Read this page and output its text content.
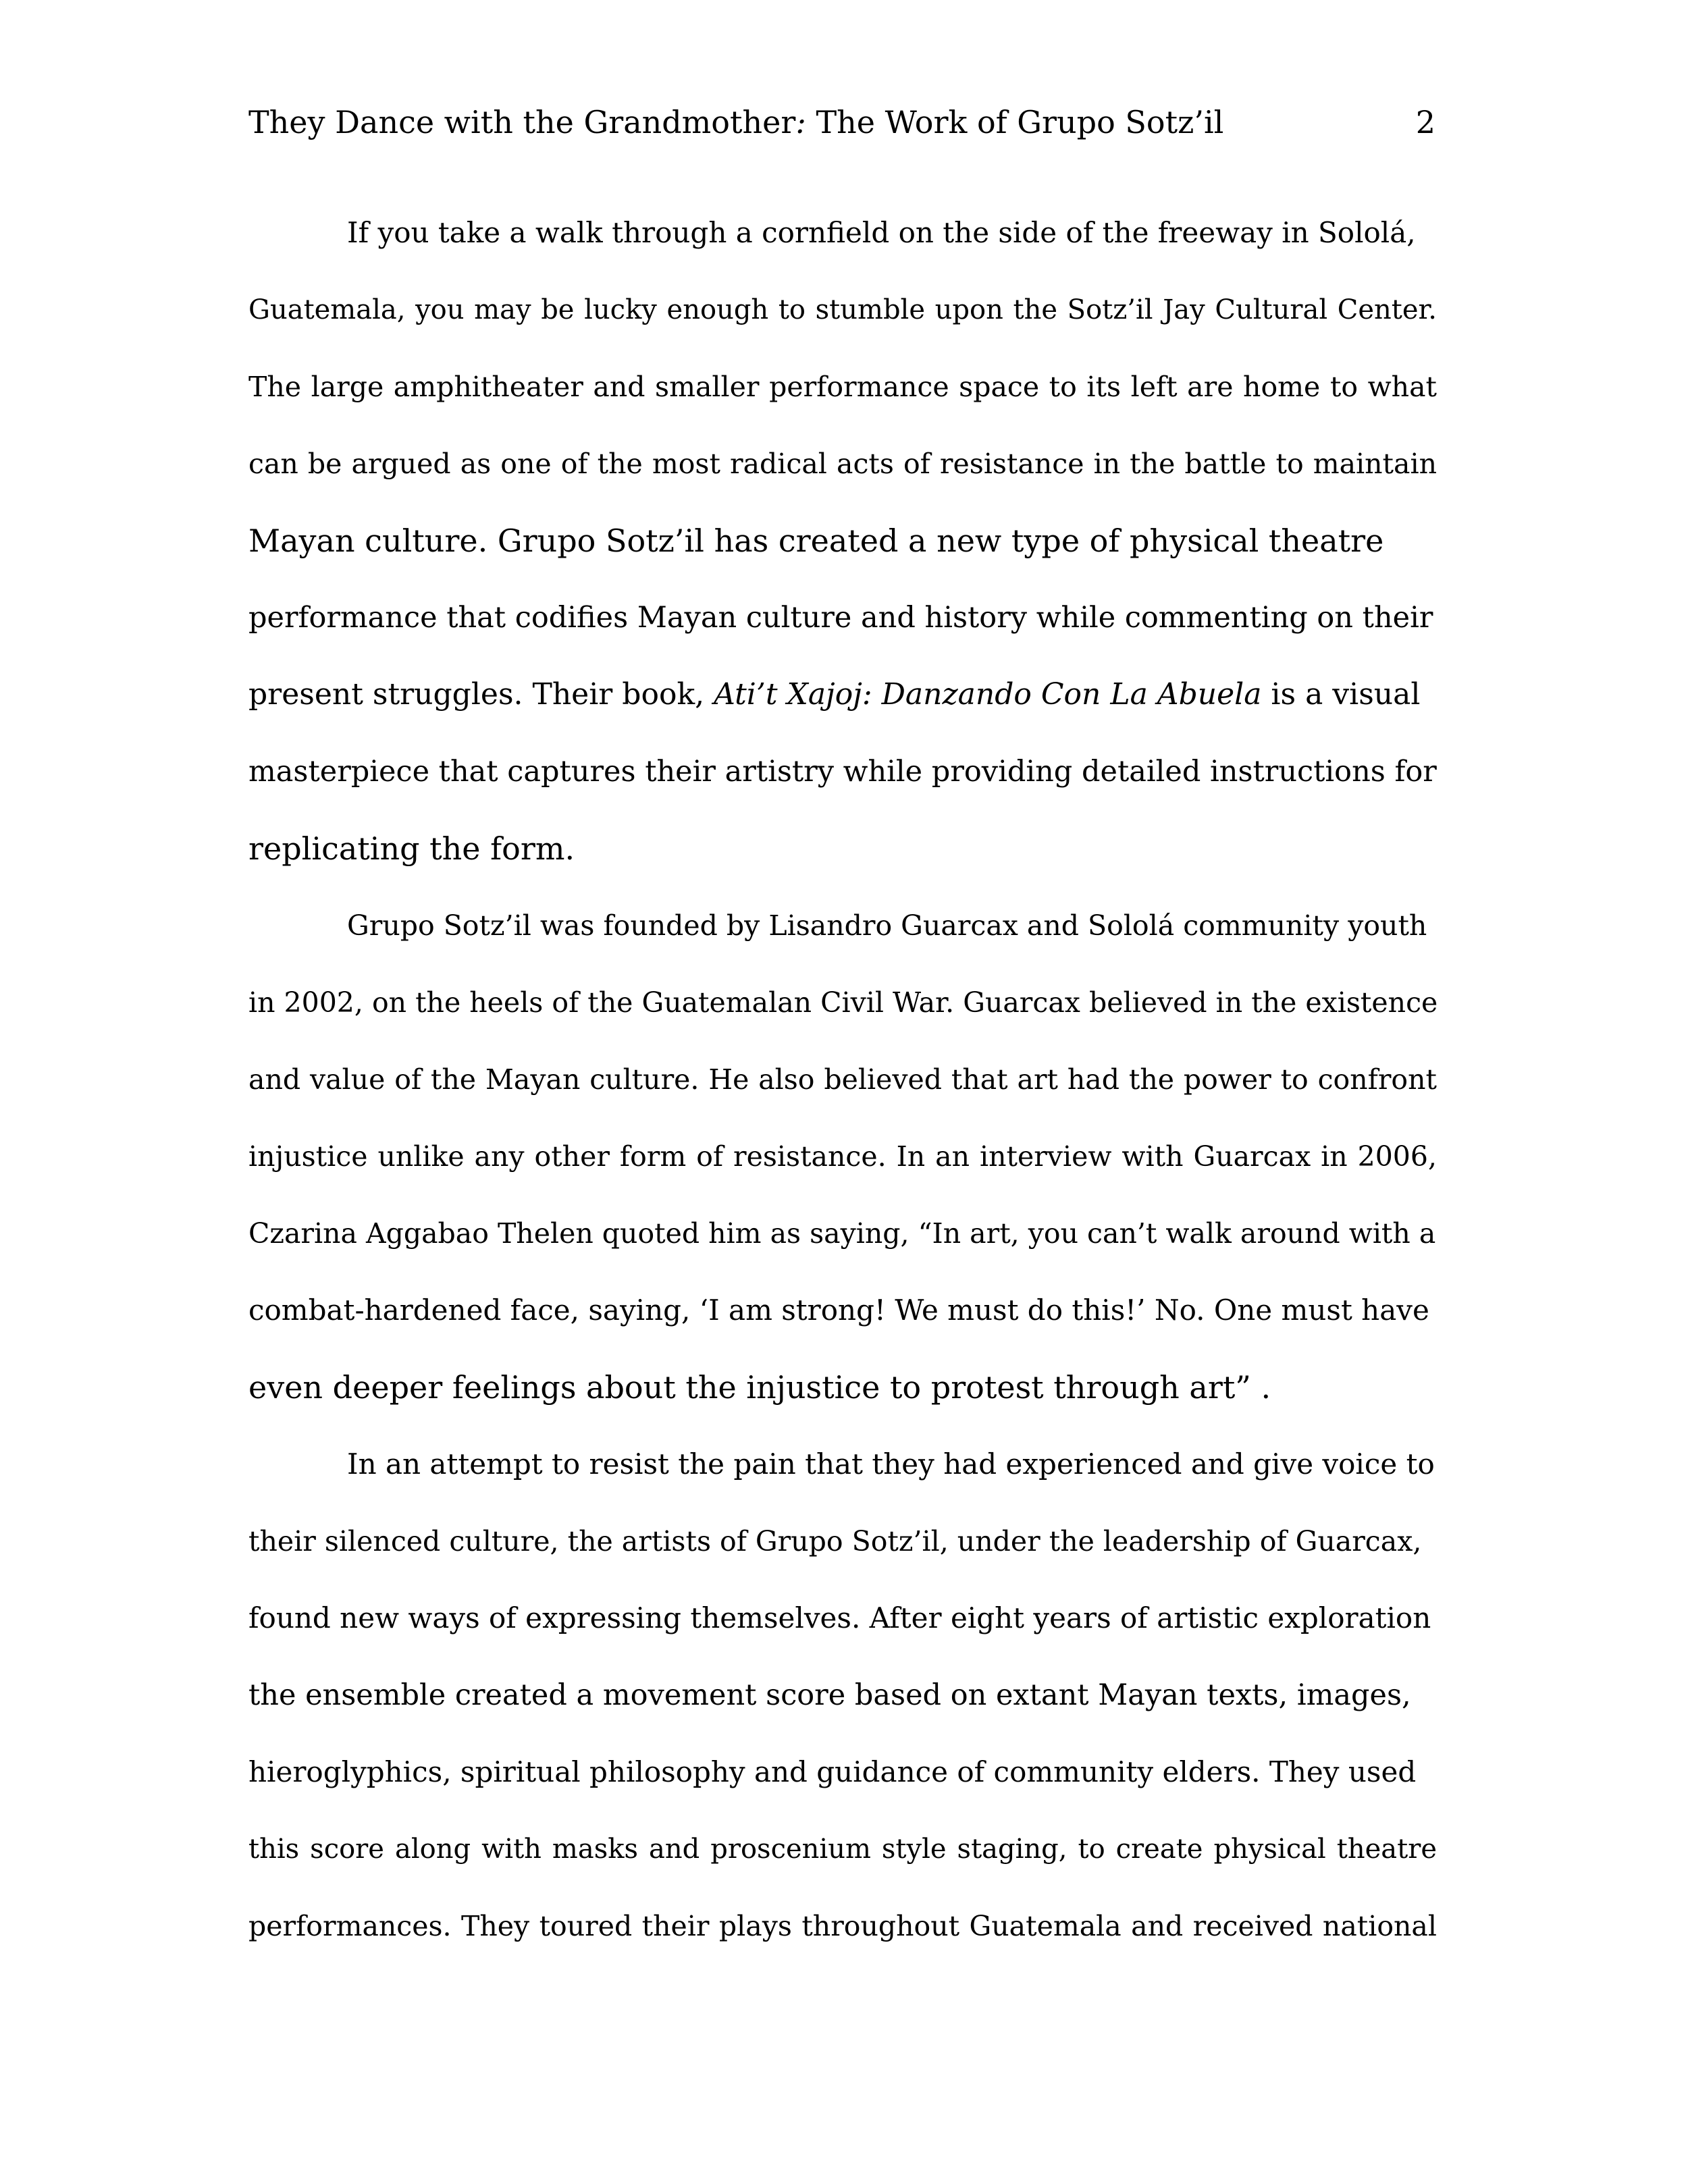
They Dance with the Grandmother: The Work of Grupo Sotz’il	2
If you take a walk through a cornfield on the side of the freeway in Sololá,
Guatemala, you may be lucky enough to stumble upon the Sotz’il Jay Cultural Center.
The large amphitheater and smaller performance space to its left are home to what
can be argued as one of the most radical acts of resistance in the battle to maintain
Mayan culture. Grupo Sotz’il has created a new type of physical theatre
performance that codifies Mayan culture and history while commenting on their
present struggles. Their book, Ati’t Xajoj: Danzando Con La Abuela is a visual
masterpiece that captures their artistry while providing detailed instructions for
replicating the form.
Grupo Sotz’il was founded by Lisandro Guarcax and Sololá community youth
in 2002, on the heels of the Guatemalan Civil War. Guarcax believed in the existence
and value of the Mayan culture. He also believed that art had the power to confront
injustice unlike any other form of resistance. In an interview with Guarcax in 2006,
Czarina Aggabao Thelen quoted him as saying, “In art, you can’t walk around with a
combat-hardened face, saying, ‘I am strong! We must do this!’ No. One must have
even deeper feelings about the injustice to protest through art” .
In an attempt to resist the pain that they had experienced and give voice to
their silenced culture, the artists of Grupo Sotz’il, under the leadership of Guarcax,
found new ways of expressing themselves. After eight years of artistic exploration
the ensemble created a movement score based on extant Mayan texts, images,
hieroglyphics, spiritual philosophy and guidance of community elders. They used
this score along with masks and proscenium style staging, to create physical theatre
performances. They toured their plays throughout Guatemala and received national
